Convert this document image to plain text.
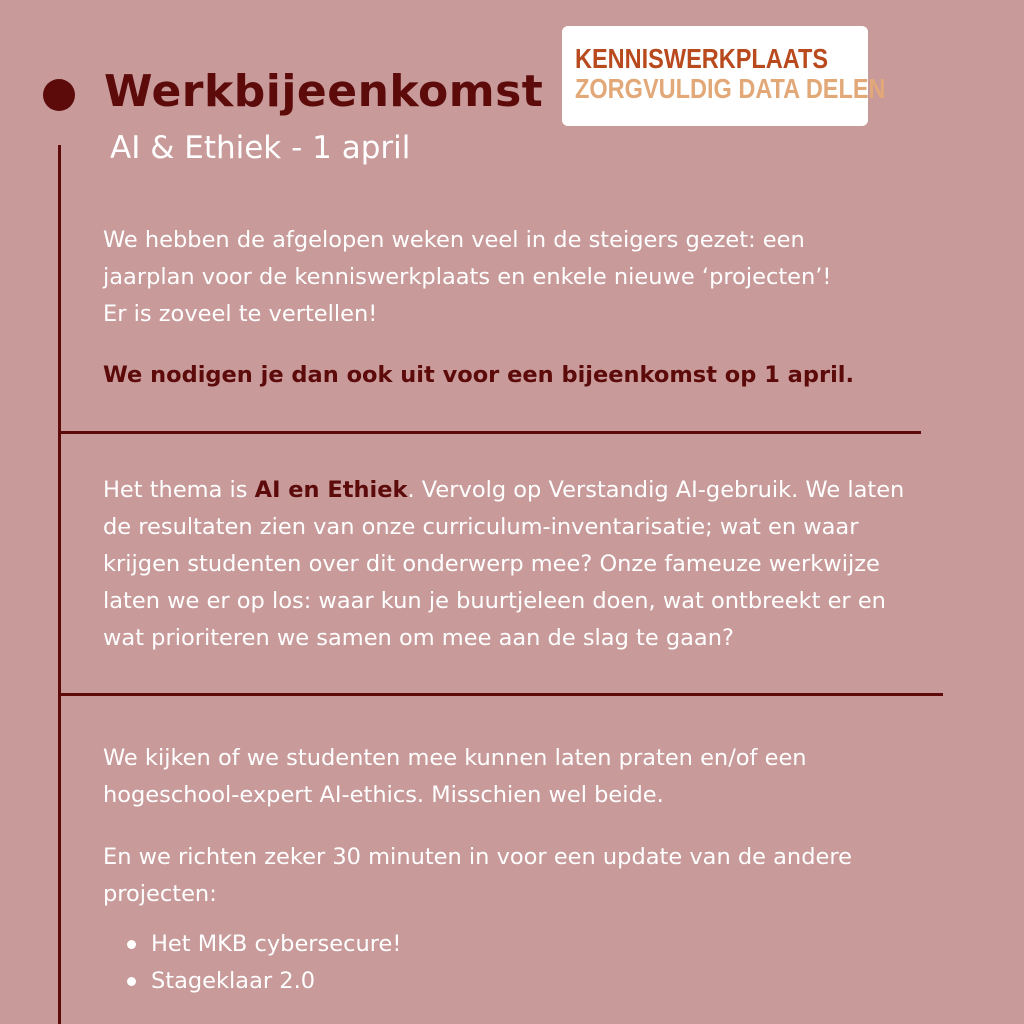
Werkbijeenkomst
AI & Ethiek - 1 april
KENNISWERKPLAATS
ZORGVULDIG DATA DELEN
We hebben de afgelopen weken veel in de steigers gezet: een
jaarplan voor de kenniswerkplaats en enkele nieuwe ‘projecten’!
Er is zoveel te vertellen!
We nodigen je dan ook uit voor een bijeenkomst op 1 april.
Het thema is AI en Ethiek. Vervolg op Verstandig AI-gebruik. We laten
de resultaten zien van onze curriculum-inventarisatie; wat en waar
krijgen studenten over dit onderwerp mee? Onze fameuze werkwijze
laten we er op los: waar kun je buurtjeleen doen, wat ontbreekt er en
wat prioriteren we samen om mee aan de slag te gaan?
We kijken of we studenten mee kunnen laten praten en/of een
hogeschool-expert AI-ethics. Misschien wel beide.
En we richten zeker 30 minuten in voor een update van de andere
projecten:
Het MKB cybersecure!
Stageklaar 2.0
